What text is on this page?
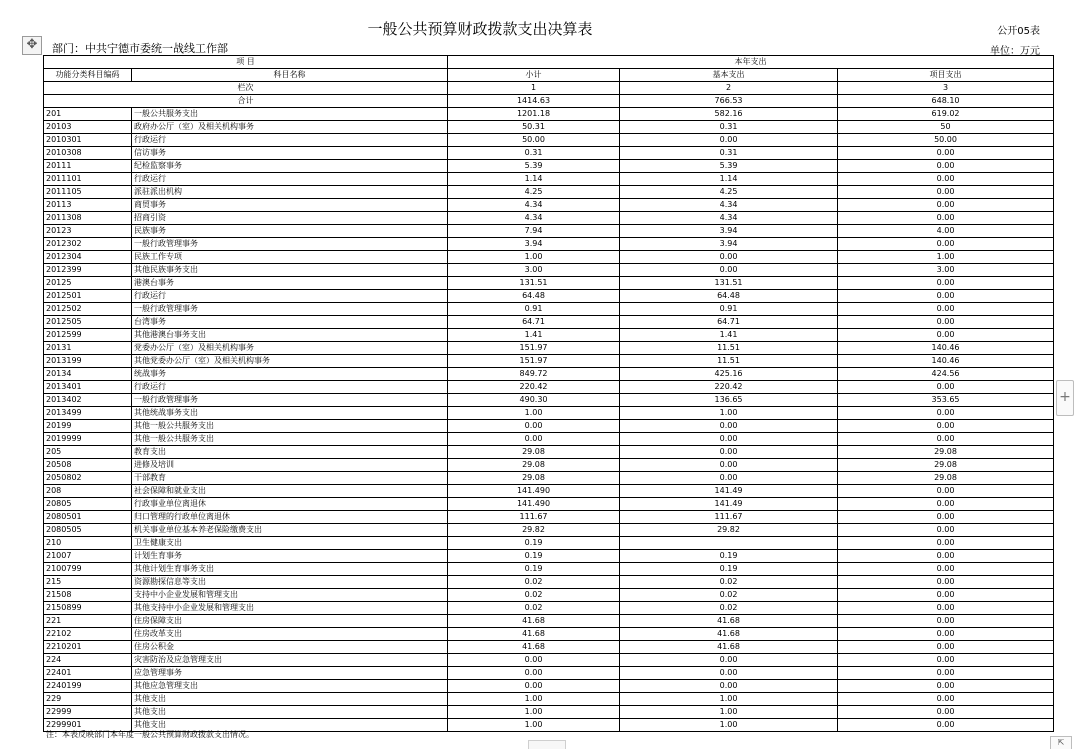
一般公共预算财政拨款支出决算表	公开05表
✥	部门：中共宁德市委统一战线工作部	单位：万元
项 目		本年支出		
功能分类科目编码	科目名称	小计	基本支出	项目支出
栏次		1	2	3
合计		1414.63	766.53	648.10
201	一般公共服务支出	1201.18	582.16	619.02
20103	政府办公厅（室）及相关机构事务	50.31	0.31	50
2010301	行政运行	50.00	0.00	50.00
2010308	信访事务	0.31	0.31	0.00
20111	纪检监察事务	5.39	5.39	0.00
2011101	行政运行	1.14	1.14	0.00
2011105	派驻派出机构	4.25	4.25	0.00
20113	商贸事务	4.34	4.34	0.00
2011308	招商引资	4.34	4.34	0.00
20123	民族事务	7.94	3.94	4.00
2012302	一般行政管理事务	3.94	3.94	0.00
2012304	民族工作专项	1.00	0.00	1.00
2012399	其他民族事务支出	3.00	0.00	3.00
20125	港澳台事务	131.51	131.51	0.00
2012501	行政运行	64.48	64.48	0.00
2012502	一般行政管理事务	0.91	0.91	0.00
2012505	台湾事务	64.71	64.71	0.00
2012599	其他港澳台事务支出	1.41	1.41	0.00
20131	党委办公厅（室）及相关机构事务	151.97	11.51	140.46
2013199	其他党委办公厅（室）及相关机构事务	151.97	11.51	140.46
20134	统战事务	849.72	425.16	424.56
2013401	行政运行	220.42	220.42	0.00
2013402	一般行政管理事务	490.30	136.65	353.65
2013499	其他统战事务支出	1.00	1.00	0.00
20199	其他一般公共服务支出	0.00	0.00	0.00
2019999	其他一般公共服务支出	0.00	0.00	0.00
205	教育支出	29.08	0.00	29.08
20508	进修及培训	29.08	0.00	29.08
2050802	干部教育	29.08	0.00	29.08
208	社会保障和就业支出	141.490	141.49	0.00
20805	行政事业单位离退休	141.490	141.49	0.00
2080501	归口管理的行政单位离退休	111.67	111.67	0.00
2080505	机关事业单位基本养老保险缴费支出	29.82	29.82	0.00
210	卫生健康支出	0.19		0.00
21007	计划生育事务	0.19	0.19	0.00
2100799	其他计划生育事务支出	0.19	0.19	0.00
215	资源勘探信息等支出	0.02	0.02	0.00
21508	支持中小企业发展和管理支出	0.02	0.02	0.00
2150899	其他支持中小企业发展和管理支出	0.02	0.02	0.00
221	住房保障支出	41.68	41.68	0.00
22102	住房改革支出	41.68	41.68	0.00
2210201	住房公积金	41.68	41.68	0.00
224	灾害防治及应急管理支出	0.00	0.00	0.00
22401	应急管理事务	0.00	0.00	0.00
2240199	其他应急管理支出	0.00	0.00	0.00
229	其他支出	1.00	1.00	0.00
22999	其他支出	1.00	1.00	0.00
2299901	其他支出	1.00	1.00	0.00
注：本表反映部门本年度一般公共预算财政拨款支出情况。
+
⇱
